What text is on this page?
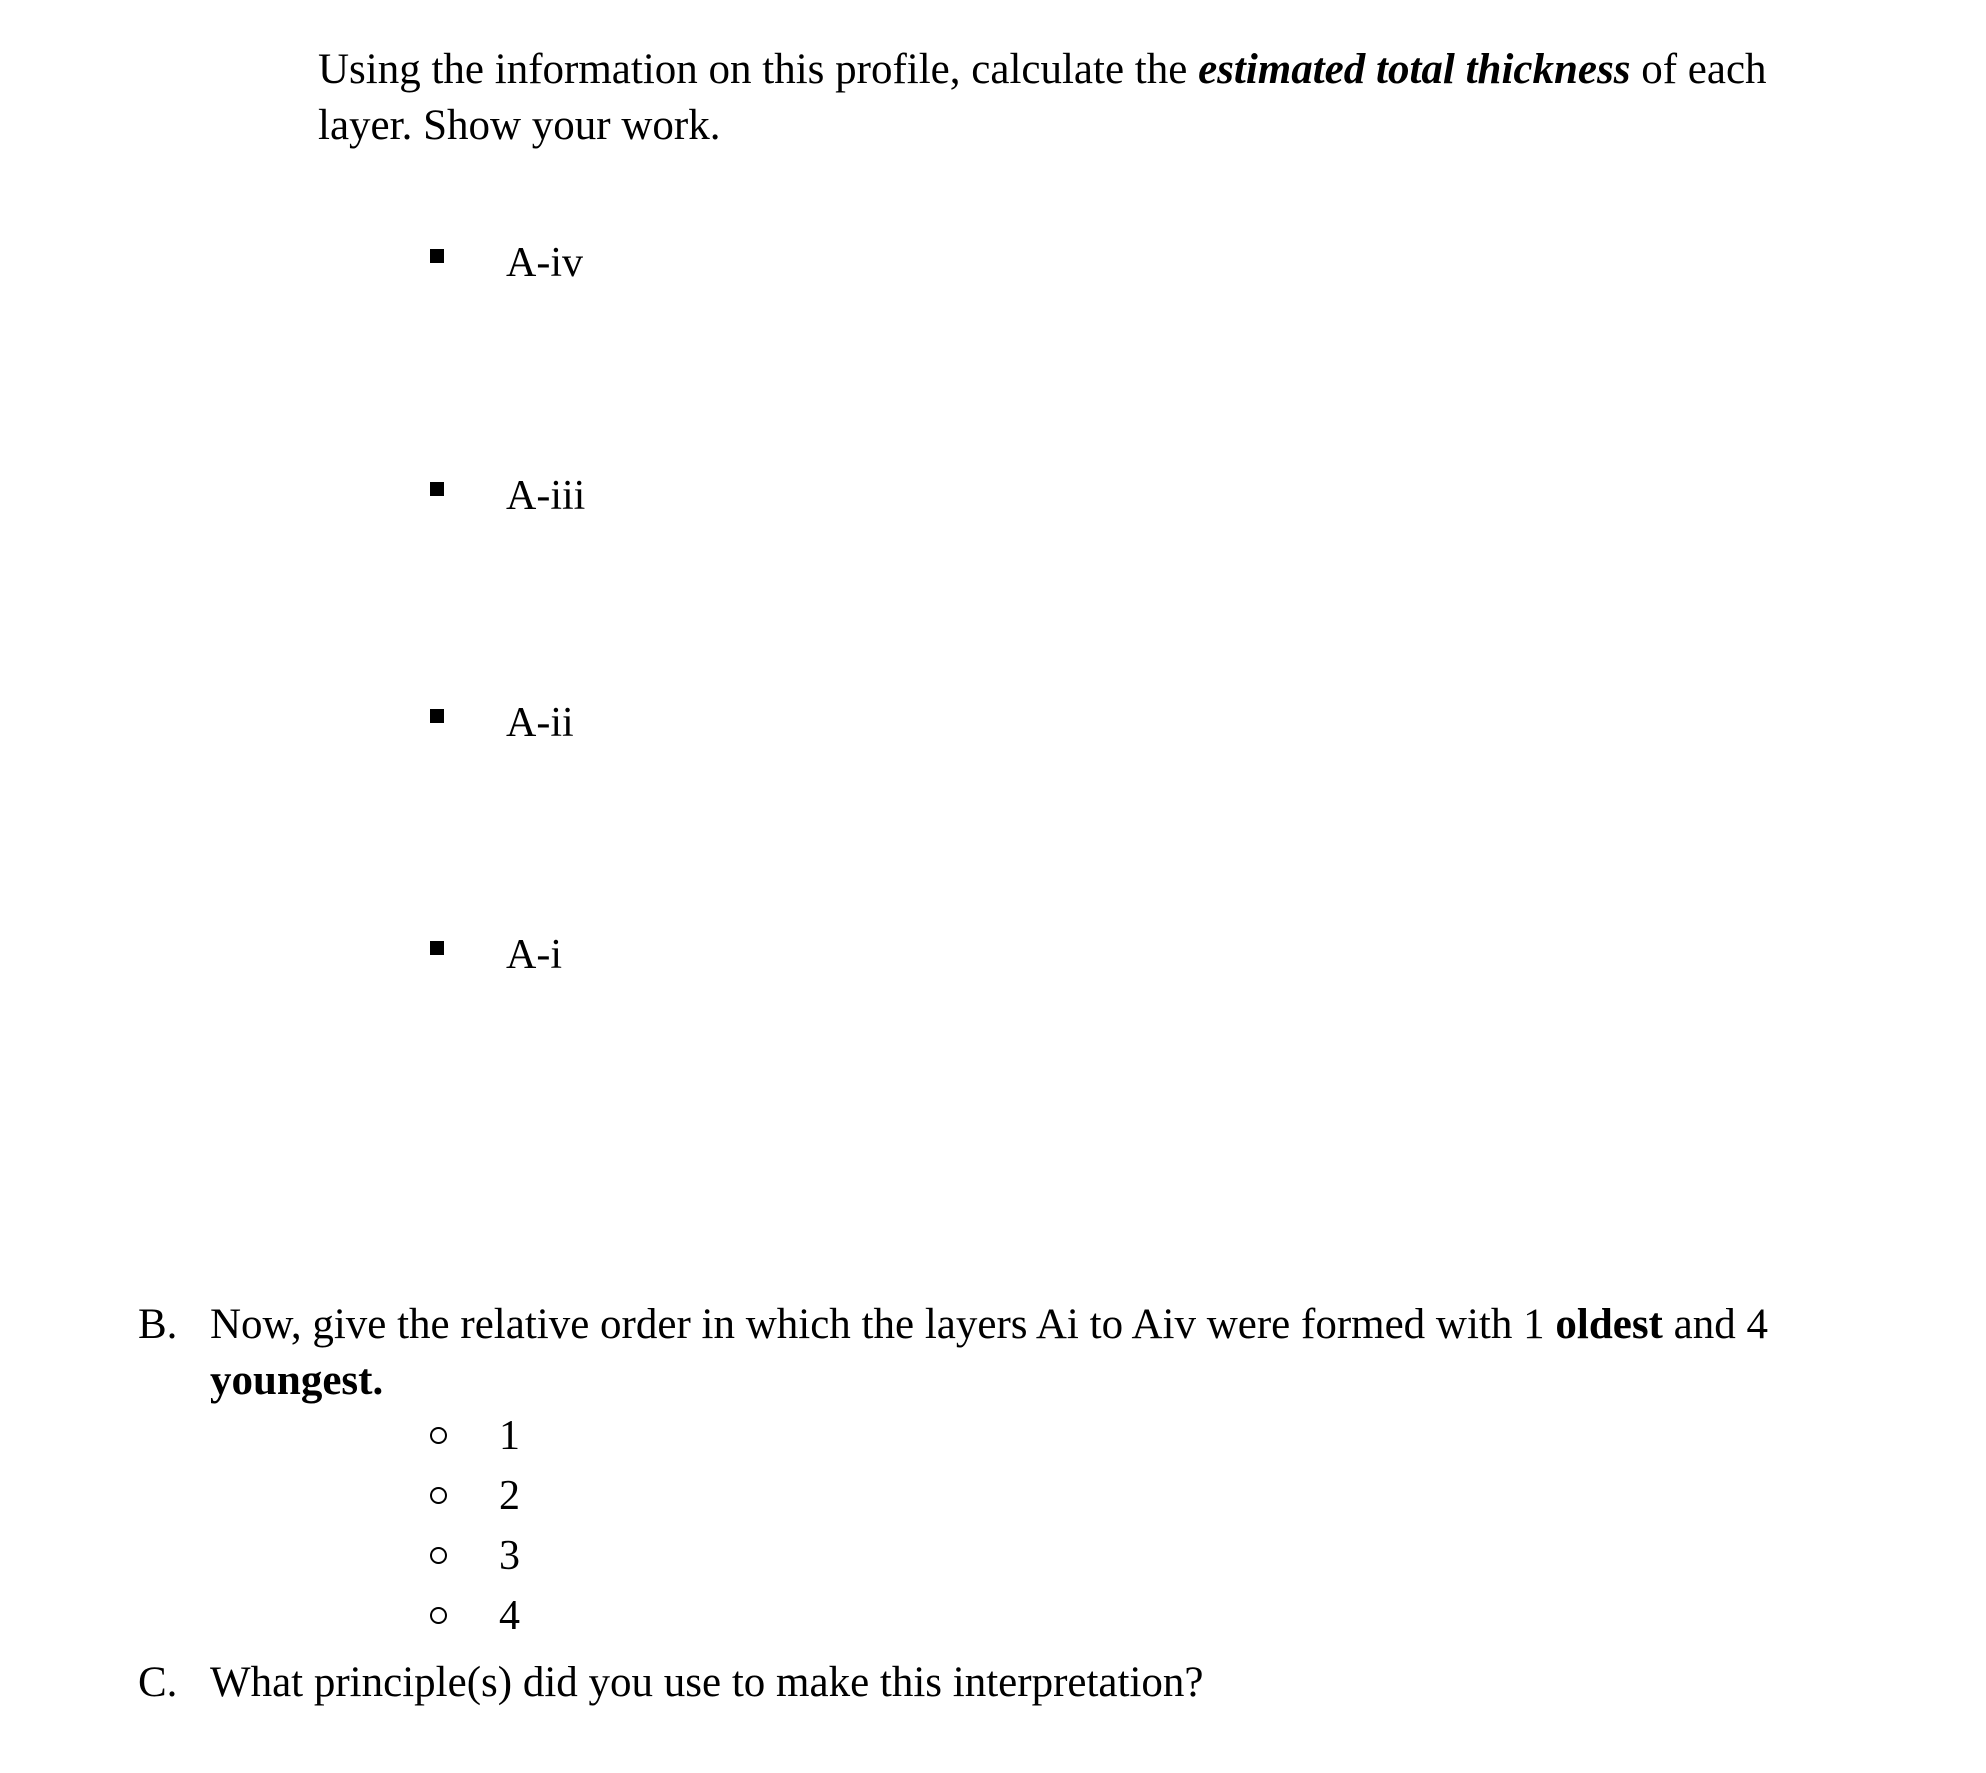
Using the information on this profile, calculate the estimated total thickness of each layer. Show your work.
A-iv
A-iii
A-ii
A-i
B. Now, give the relative order in which the layers Ai to Aiv were formed with 1 oldest and 4 youngest.
1
2
3
4
C. What principle(s) did you use to make this interpretation?
